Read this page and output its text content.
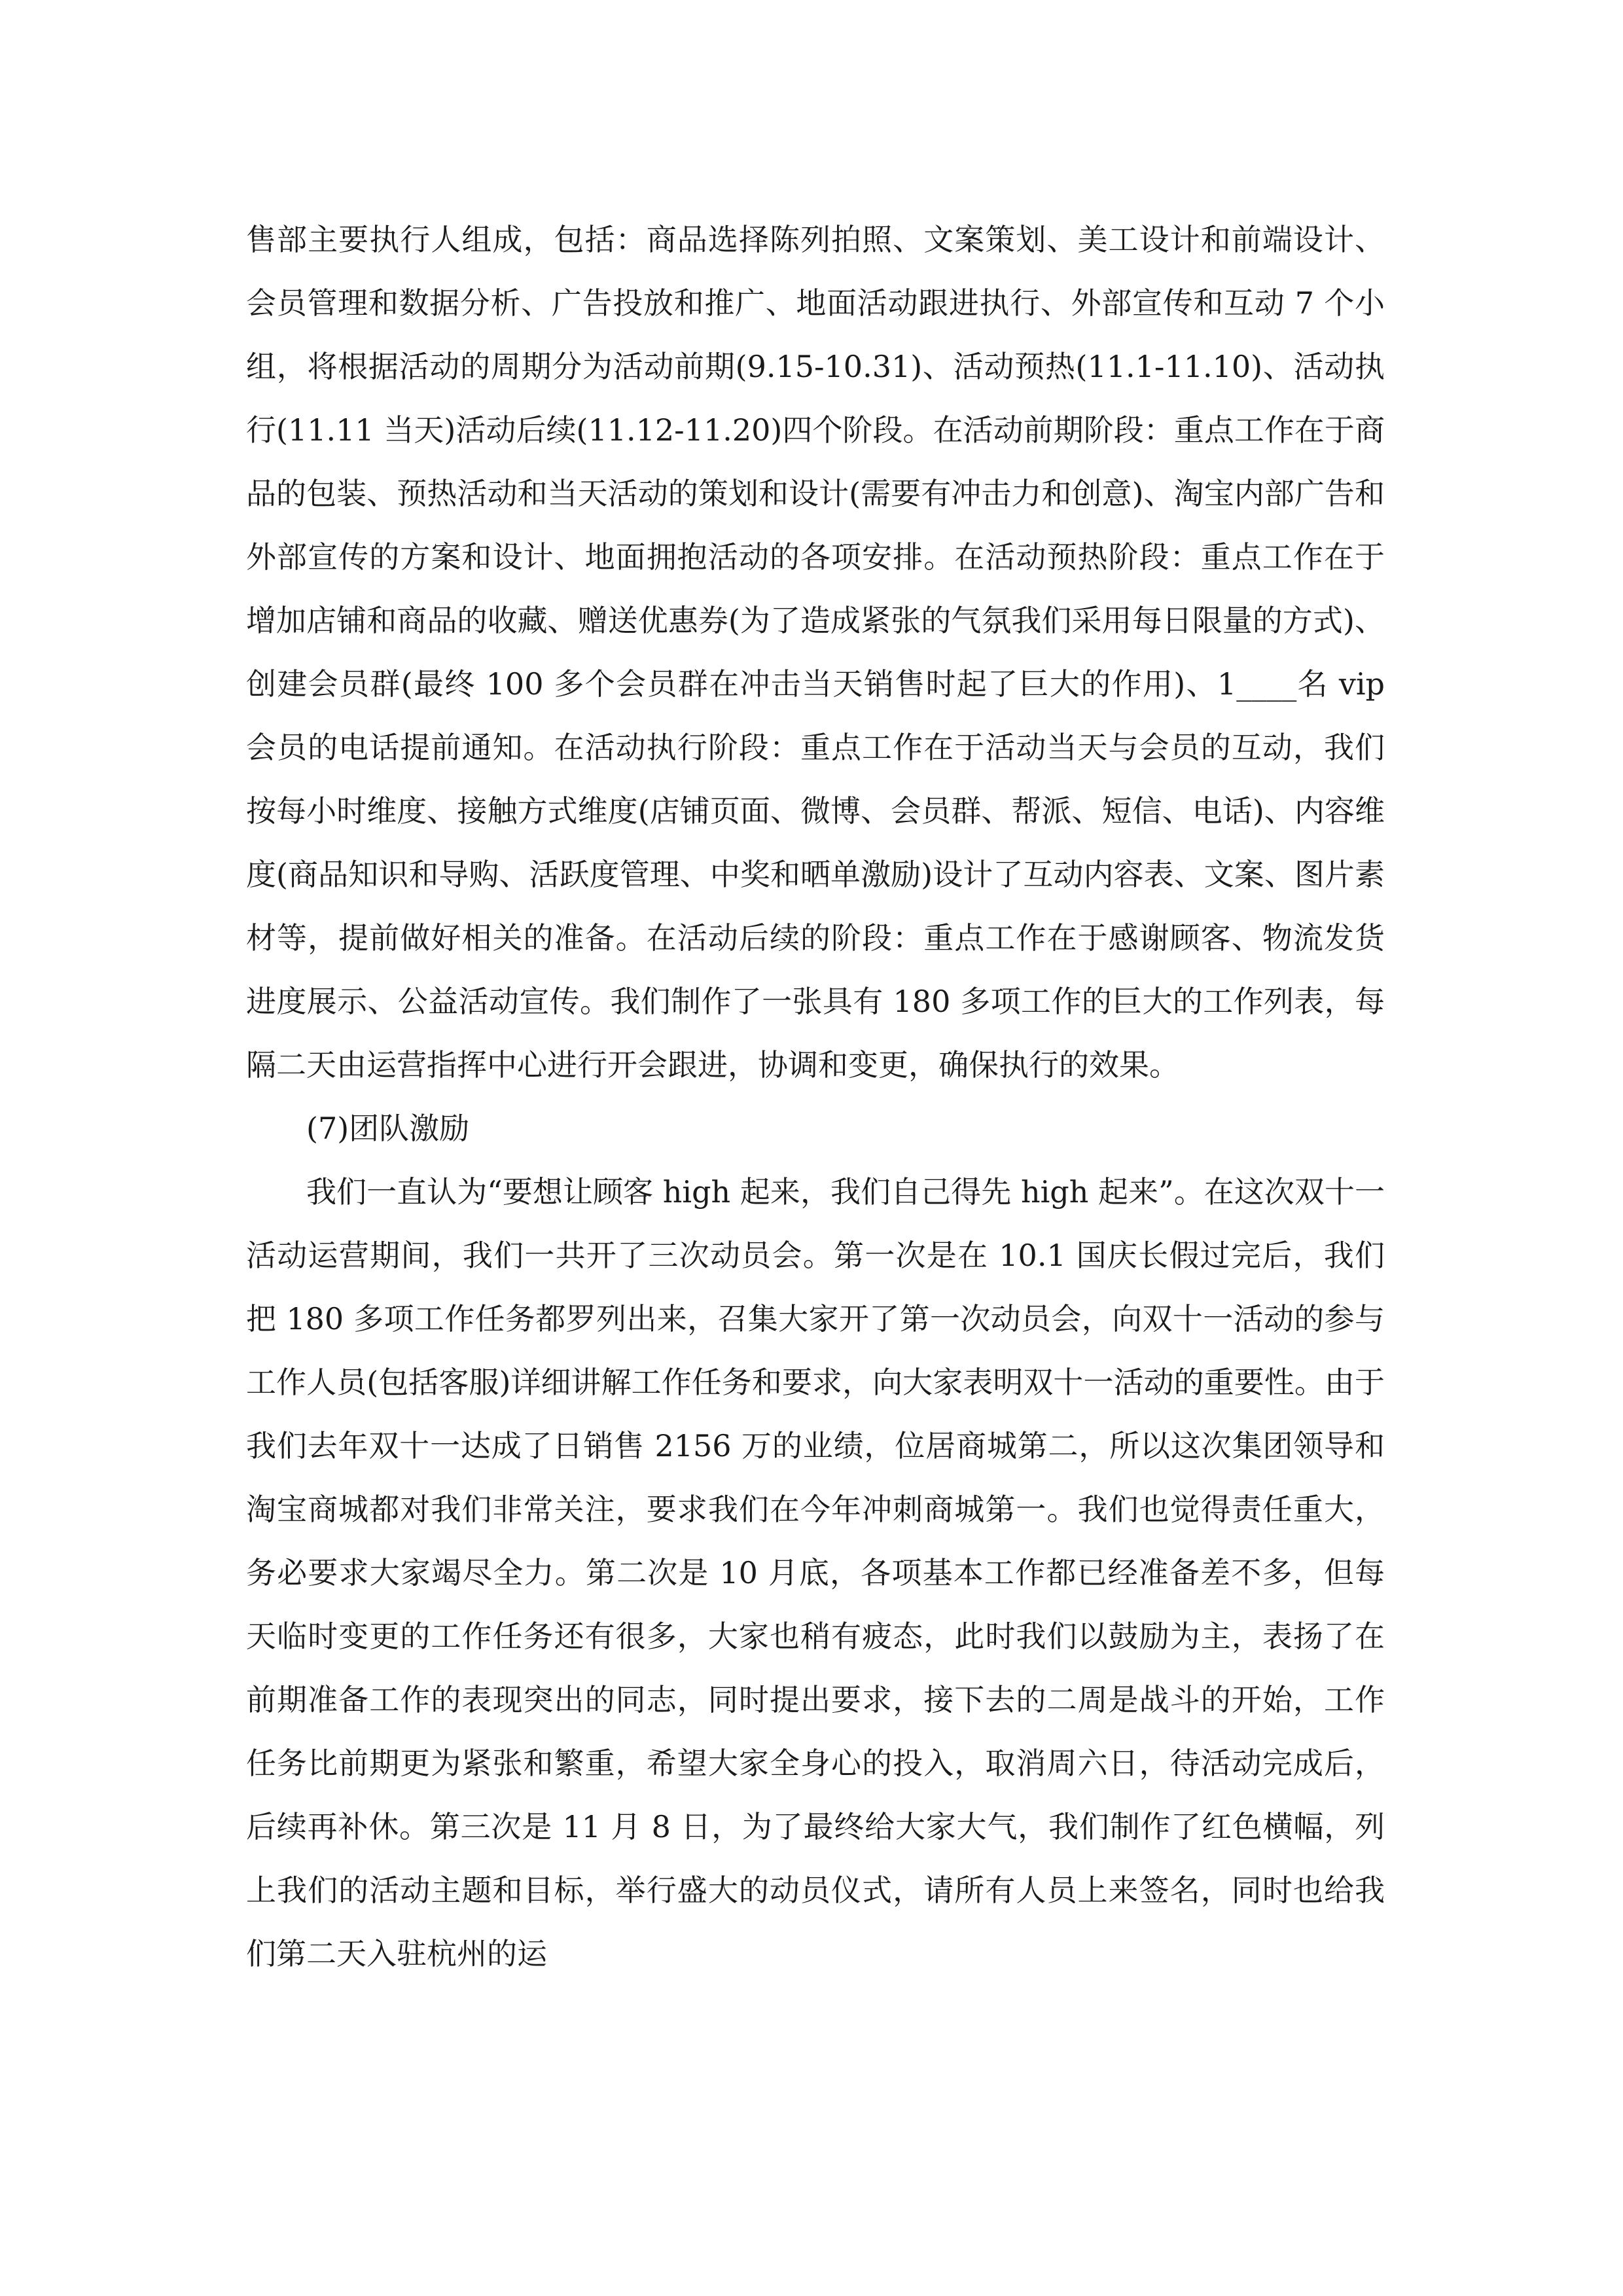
售部主要执行人组成，包括：商品选择陈列拍照、文案策划、美工设计和前端设计、会员管理和数据分析、广告投放和推广、地面活动跟进执行、外部宣传和互动 7 个小组，将根据活动的周期分为活动前期(9.15-10.31)、活动预热(11.1-11.10)、活动执行(11.11 当天)活动后续(11.12-11.20)四个阶段。在活动前期阶段：重点工作在于商品的包装、预热活动和当天活动的策划和设计(需要有冲击力和创意)、淘宝内部广告和外部宣传的方案和设计、地面拥抱活动的各项安排。在活动预热阶段：重点工作在于增加店铺和商品的收藏、赠送优惠券(为了造成紧张的气氛我们采用每日限量的方式)、创建会员群(最终 100 多个会员群在冲击当天销售时起了巨大的作用)、1____名 vip 会员的电话提前通知。在活动执行阶段：重点工作在于活动当天与会员的互动，我们按每小时维度、接触方式维度(店铺页面、微博、会员群、帮派、短信、电话)、内容维度(商品知识和导购、活跃度管理、中奖和晒单激励)设计了互动内容表、文案、图片素材等，提前做好相关的准备。在活动后续的阶段：重点工作在于感谢顾客、物流发货进度展示、公益活动宣传。我们制作了一张具有 180 多项工作的巨大的工作列表，每隔二天由运营指挥中心进行开会跟进，协调和变更，确保执行的效果。

(7)团队激励

我们一直认为“要想让顾客 high 起来，我们自己得先 high 起来”。在这次双十一活动运营期间，我们一共开了三次动员会。第一次是在 10.1 国庆长假过完后，我们把 180 多项工作任务都罗列出来，召集大家开了第一次动员会，向双十一活动的参与工作人员(包括客服)详细讲解工作任务和要求，向大家表明双十一活动的重要性。由于我们去年双十一达成了日销售 2156 万的业绩，位居商城第二，所以这次集团领导和淘宝商城都对我们非常关注，要求我们在今年冲刺商城第一。我们也觉得责任重大，务必要求大家竭尽全力。第二次是 10 月底，各项基本工作都已经准备差不多，但每天临时变更的工作任务还有很多，大家也稍有疲态，此时我们以鼓励为主，表扬了在前期准备工作的表现突出的同志，同时提出要求，接下去的二周是战斗的开始，工作任务比前期更为紧张和繁重，希望大家全身心的投入，取消周六日，待活动完成后，后续再补休。第三次是 11 月 8 日，为了最终给大家大气，我们制作了红色横幅，列上我们的活动主题和目标，举行盛大的动员仪式，请所有人员上来签名，同时也给我们第二天入驻杭州的运
